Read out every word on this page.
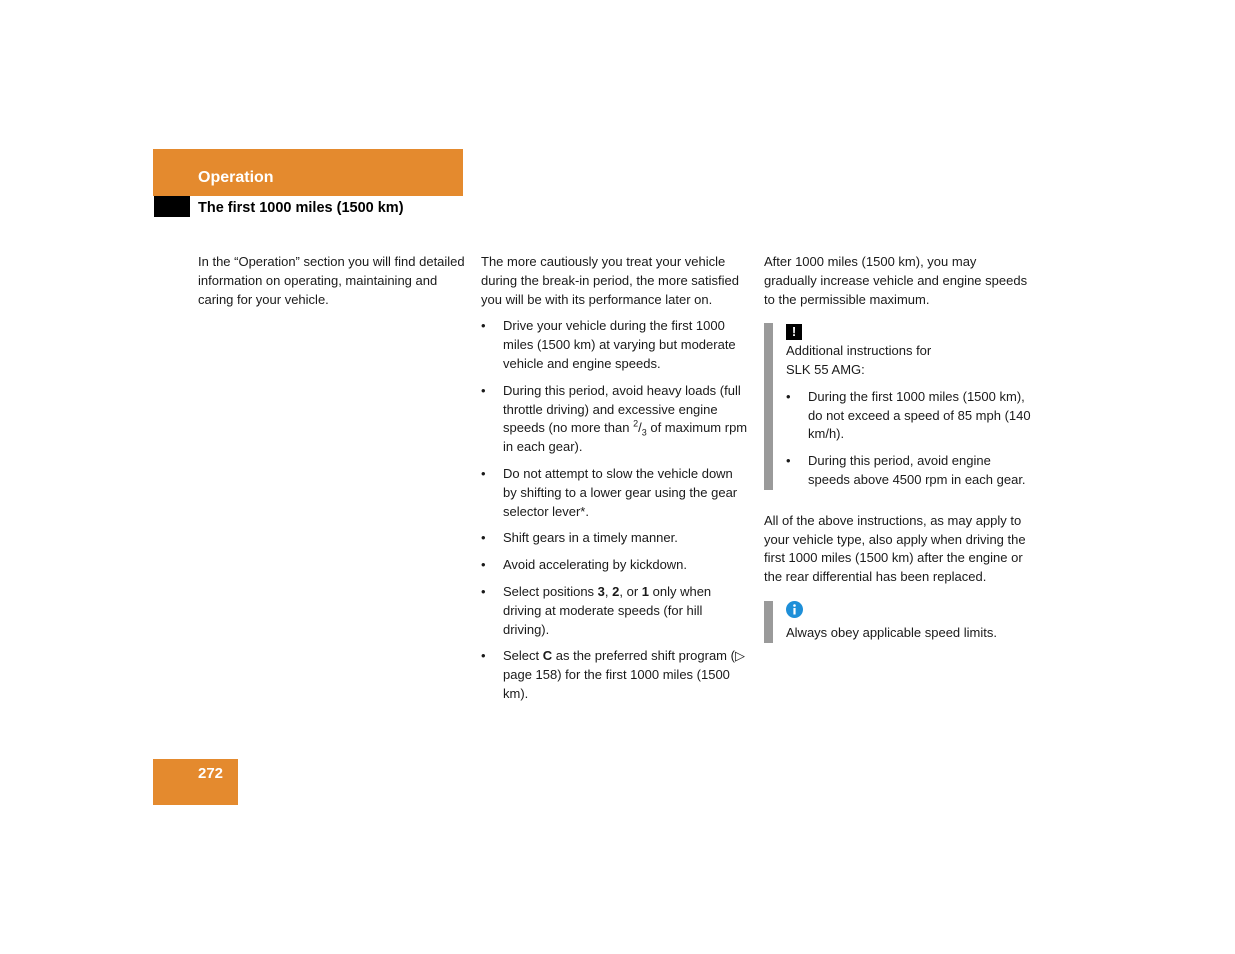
Operation
The first 1000 miles (1500 km)

In the “Operation” section you will find detailed information on operating, maintaining and caring for your vehicle.

The more cautiously you treat your vehicle during the break-in period, the more satisfied you will be with its performance later on.

• Drive your vehicle during the first 1000 miles (1500 km) at varying but moderate vehicle and engine speeds.
• During this period, avoid heavy loads (full throttle driving) and excessive engine speeds (no more than $^2/_3$ of maximum rpm in each gear).
• Do not attempt to slow the vehicle down by shifting to a lower gear using the gear selector lever*.
• Shift gears in a timely manner.
• Avoid accelerating by kickdown.
• Select positions 3, 2, or 1 only when driving at moderate speeds (for hill driving).
• Select C as the preferred shift program (▷ page 158) for the first 1000 miles (1500 km).

After 1000 miles (1500 km), you may gradually increase vehicle and engine speeds to the permissible maximum.

!
Additional instructions for
SLK 55 AMG:
• During the first 1000 miles (1500 km), do not exceed a speed of 85 mph (140 km/h).
• During this period, avoid engine speeds above 4500 rpm in each gear.

All of the above instructions, as may apply to your vehicle type, also apply when driving the first 1000 miles (1500 km) after the engine or the rear differential has been replaced.

Always obey applicable speed limits.
272
